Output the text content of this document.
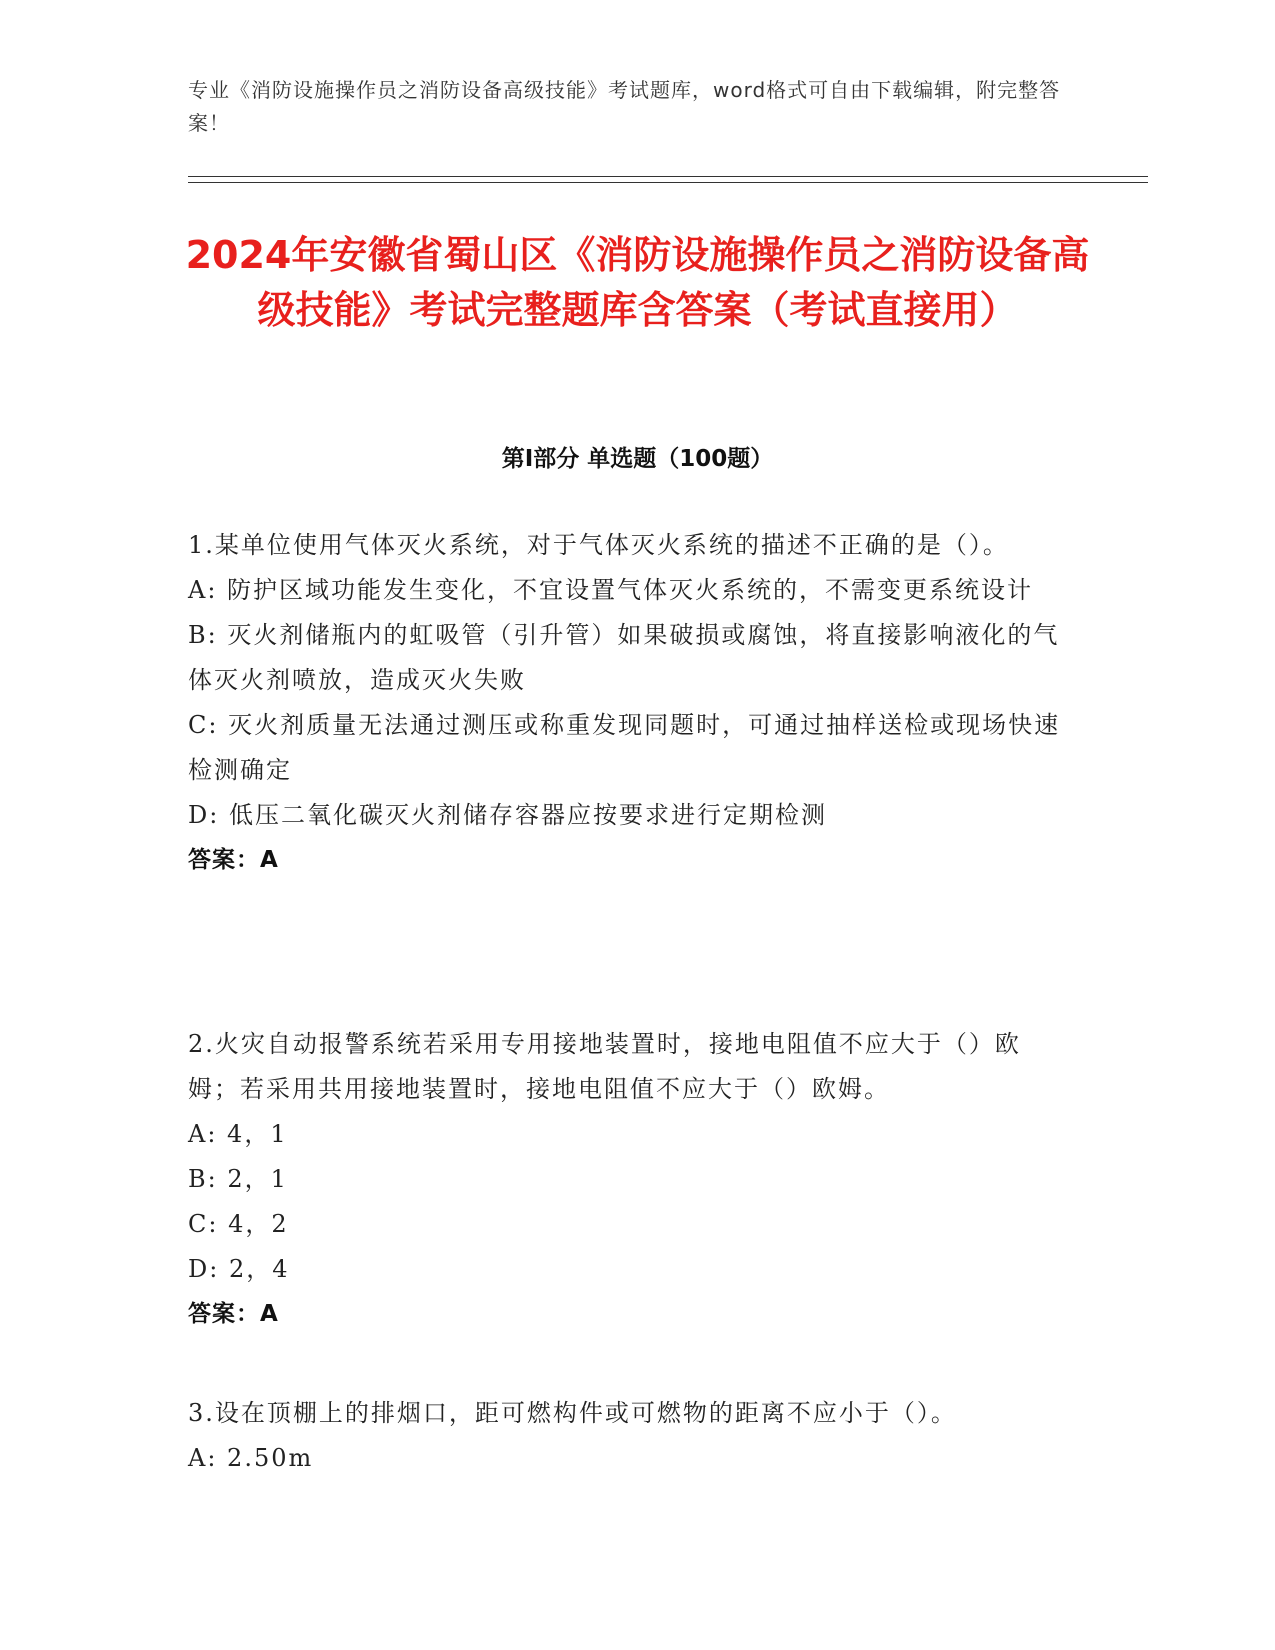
专业《消防设施操作员之消防设备高级技能》考试题库，word格式可自由下载编辑，附完整答案！
2024年安徽省蜀山区《消防设施操作员之消防设备高级技能》考试完整题库含答案（考试直接用）
第I部分 单选题（100题）

1.某单位使用气体灭火系统，对于气体灭火系统的描述不正确的是（）。

A: 防护区域功能发生变化，不宜设置气体灭火系统的，不需变更系统设计

B: 灭火剂储瓶内的虹吸管（引升管）如果破损或腐蚀，将直接影响液化的气体灭火剂喷放，造成灭火失败

C: 灭火剂质量无法通过测压或称重发现同题时，可通过抽样送检或现场快速检测确定

D: 低压二氧化碳灭火剂储存容器应按要求进行定期检测

答案：A

2.火灾自动报警系统若采用专用接地装置时，接地电阻值不应大于（）欧姆；若采用共用接地装置时，接地电阻值不应大于（）欧姆。

A: 4，1

B: 2，1

C: 4，2

D: 2，4

答案：A

3.设在顶棚上的排烟口，距可燃构件或可燃物的距离不应小于（）。

A: 2.50m
